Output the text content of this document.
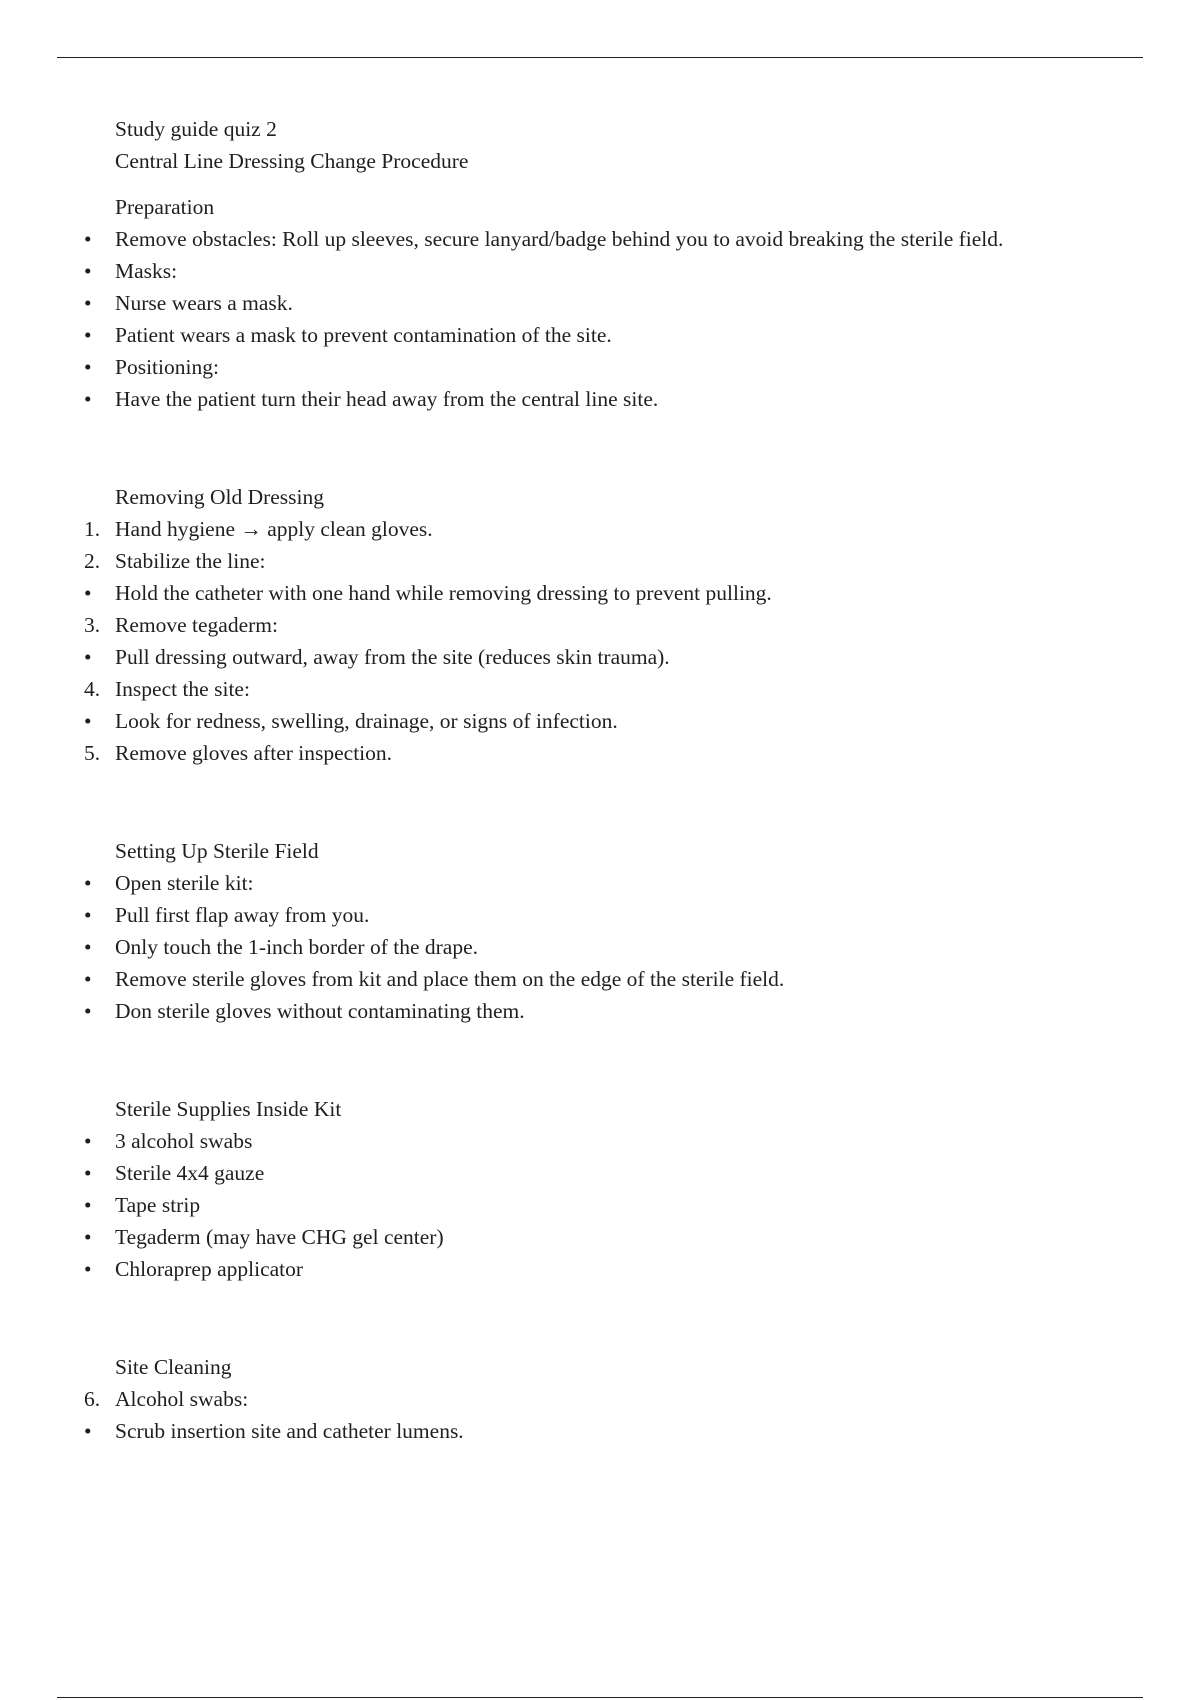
Study guide quiz 2
Central Line Dressing Change Procedure
Preparation
• Remove obstacles: Roll up sleeves, secure lanyard/badge behind you to avoid breaking the sterile field.
• Masks:
• Nurse wears a mask.
• Patient wears a mask to prevent contamination of the site.
• Positioning:
• Have the patient turn their head away from the central line site.
Removing Old Dressing
1. Hand hygiene → apply clean gloves.
2. Stabilize the line:
• Hold the catheter with one hand while removing dressing to prevent pulling.
3. Remove tegaderm:
• Pull dressing outward, away from the site (reduces skin trauma).
4. Inspect the site:
• Look for redness, swelling, drainage, or signs of infection.
5. Remove gloves after inspection.
Setting Up Sterile Field
• Open sterile kit:
• Pull first flap away from you.
• Only touch the 1-inch border of the drape.
• Remove sterile gloves from kit and place them on the edge of the sterile field.
• Don sterile gloves without contaminating them.
Sterile Supplies Inside Kit
• 3 alcohol swabs
• Sterile 4x4 gauze
• Tape strip
• Tegaderm (may have CHG gel center)
• Chloraprep applicator
Site Cleaning
6. Alcohol swabs:
• Scrub insertion site and catheter lumens.
